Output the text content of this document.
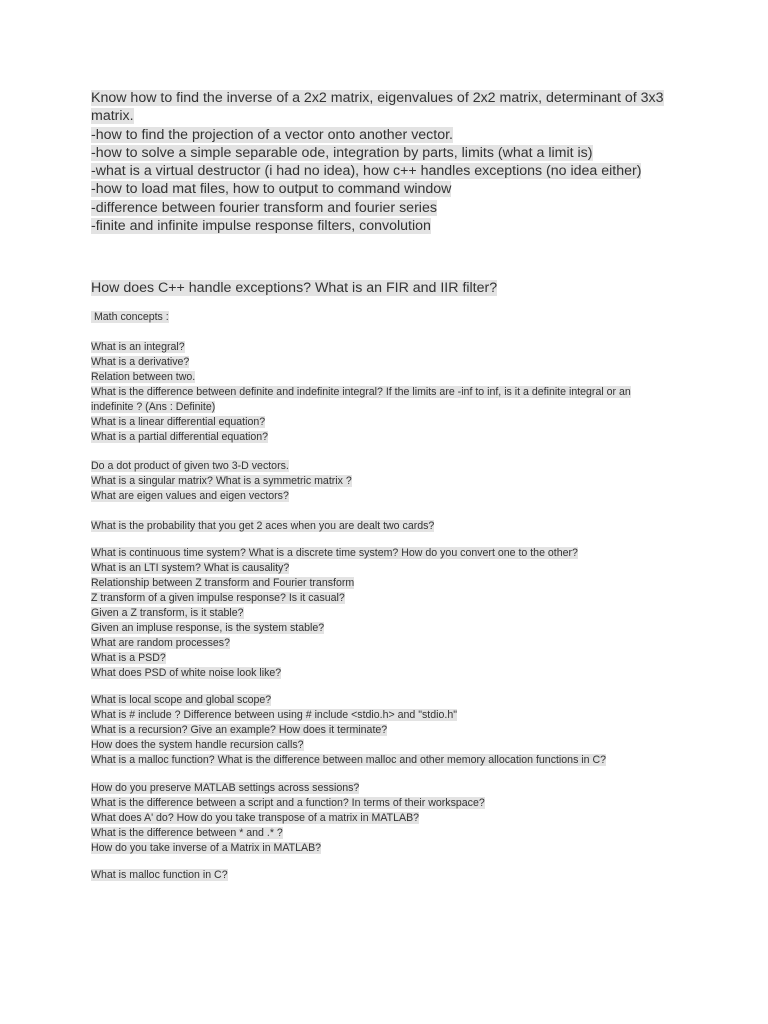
Know how to find the inverse of a 2x2 matrix, eigenvalues of 2x2 matrix, determinant of 3x3
matrix.
-how to find the projection of a vector onto another vector.
-how to solve a simple separable ode, integration by parts, limits (what a limit is)
-what is a virtual destructor (i had no idea), how c++ handles exceptions (no idea either)
-how to load mat files, how to output to command window
-difference between fourier transform and fourier series
-finite and infinite impulse response filters, convolution

How does C++ handle exceptions? What is an FIR and IIR filter?

Math concepts :
What is an integral?
What is a derivative?
Relation between two.
What is the difference between definite and indefinite integral? If the limits are -inf to inf, is it a definite integral or an
indefinite ? (Ans : Definite)
What is a linear differential equation?
What is a partial differential equation?
Do a dot product of given two 3-D vectors.
What is a singular matrix? What is a symmetric matrix ?
What are eigen values and eigen vectors?
What is the probability that you get 2 aces when you are dealt two cards?
What is continuous time system? What is a discrete time system? How do you convert one to the other?
What is an LTI system? What is causality?
Relationship between Z transform and Fourier transform
Z transform of a given impulse response? Is it casual?
Given a Z transform, is it stable?
Given an impluse response, is the system stable?
What are random processes?
What is a PSD?
What does PSD of white noise look like?
What is local scope and global scope?
What is # include ? Difference between using # include <stdio.h> and "stdio.h"
What is a recursion? Give an example? How does it terminate?
How does the system handle recursion calls?
What is a malloc function? What is the difference between malloc and other memory allocation functions in C?
How do you preserve MATLAB settings across sessions?
What is the difference between a script and a function? In terms of their workspace?
What does A' do? How do you take transpose of a matrix in MATLAB?
What is the difference between * and .* ?
How do you take inverse of a Matrix in MATLAB?
What is malloc function in C?
